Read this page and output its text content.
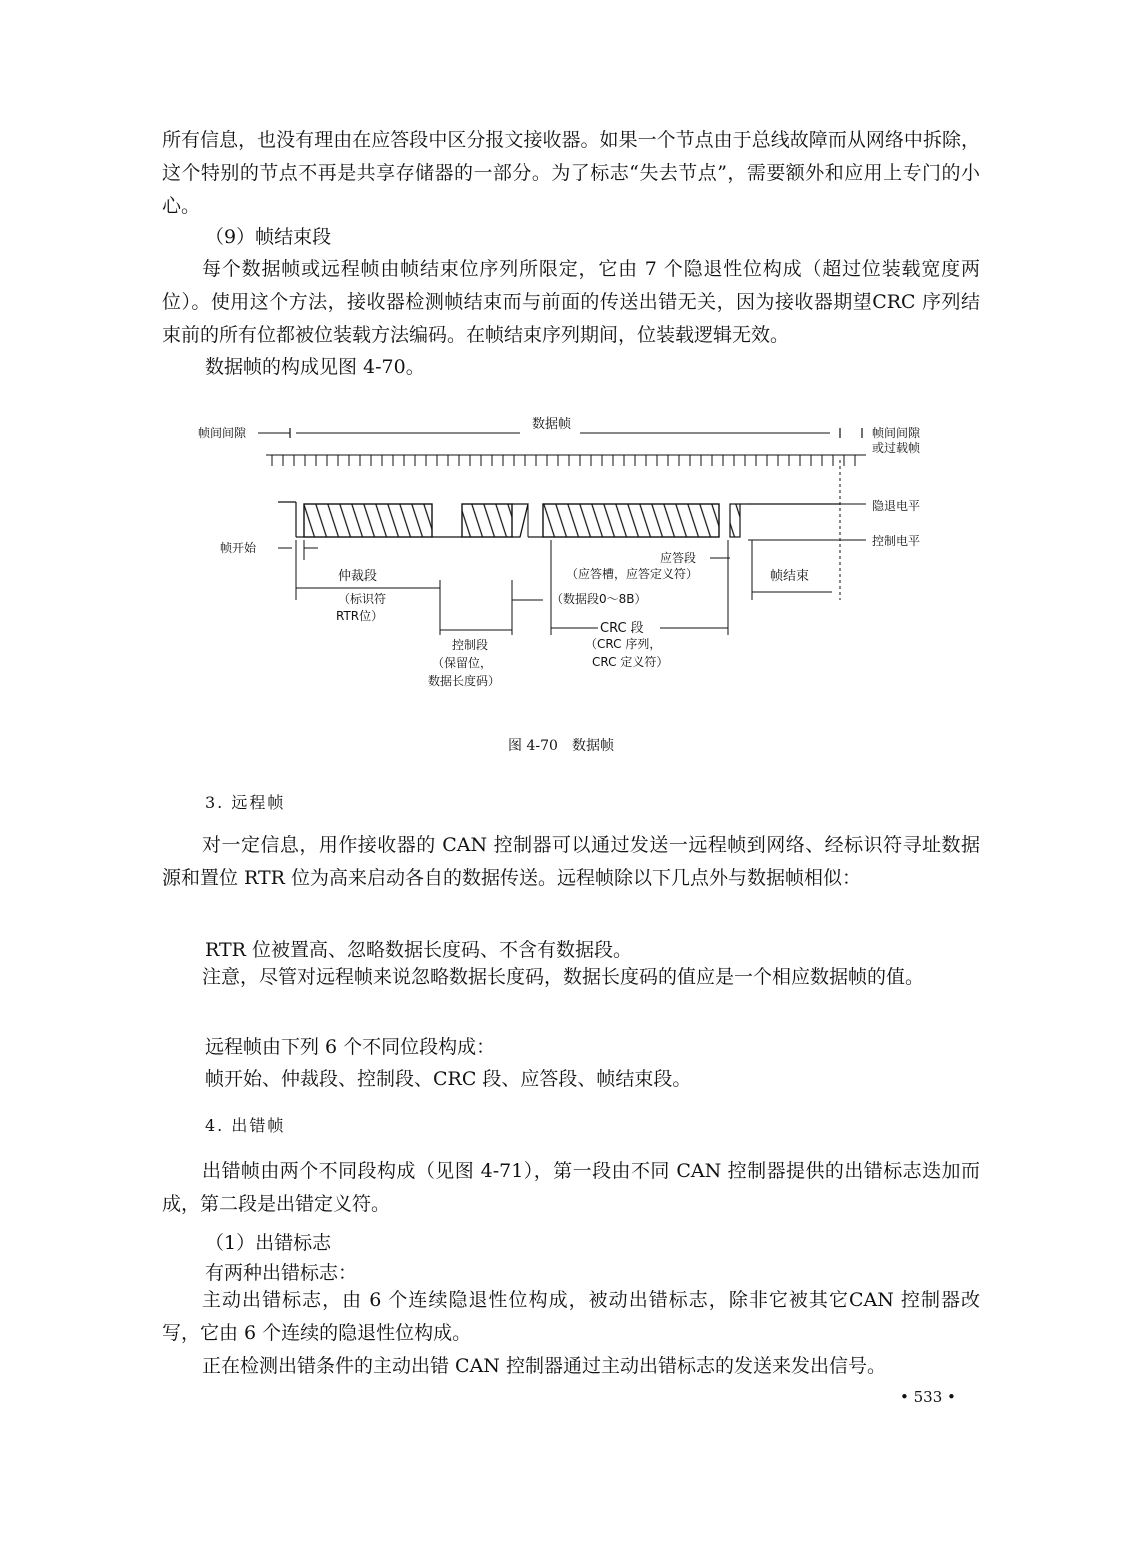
所有信息，也没有理由在应答段中区分报文接收器。如果一个节点由于总线故障而从网络中拆除，这个特别的节点不再是共享存储器的一部分。为了标志“失去节点”，需要额外和应用上专门的小心。

（9）帧结束段

每个数据帧或远程帧由帧结束位序列所限定，它由 7 个隐退性位构成（超过位装载宽度两位）。使用这个方法，接收器检测帧结束而与前面的传送出错无关，因为接收器期望CRC 序列结束前的所有位都被位装载方法编码。在帧结束序列期间，位装载逻辑无效。

数据帧的构成见图 4-70。

帧间间隙
数据帧
帧间间隙
或过载帧
隐退电平
控制电平
帧开始
仲裁段
（标识符
RTR位）
控制段
（保留位，
数据长度码）
应答段
（应答槽，应答定义符）
（数据段0～8B）
CRC 段
（CRC 序列，
CRC 定义符）
帧结束

图 4-70　数据帧

3. 远程帧

对一定信息，用作接收器的 CAN 控制器可以通过发送一远程帧到网络、经标识符寻址数据源和置位 RTR 位为高来启动各自的数据传送。远程帧除以下几点外与数据帧相似：

RTR 位被置高、忽略数据长度码、不含有数据段。

注意，尽管对远程帧来说忽略数据长度码，数据长度码的值应是一个相应数据帧的值。

远程帧由下列 6 个不同位段构成：

帧开始、仲裁段、控制段、CRC 段、应答段、帧结束段。

4. 出错帧

出错帧由两个不同段构成（见图 4-71），第一段由不同 CAN 控制器提供的出错标志迭加而成，第二段是出错定义符。

（1）出错标志

有两种出错标志：

主动出错标志，由 6 个连续隐退性位构成，被动出错标志，除非它被其它CAN 控制器改写，它由 6 个连续的隐退性位构成。

正在检测出错条件的主动出错 CAN 控制器通过主动出错标志的发送来发出信号。

• 533 •
